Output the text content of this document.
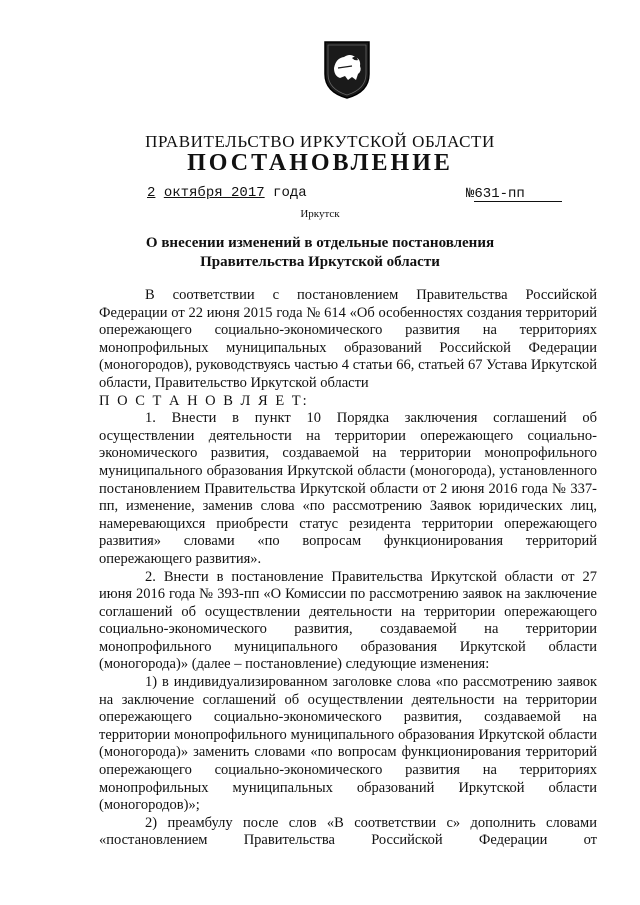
ПРАВИТЕЛЬСТВО ИРКУТСКОЙ ОБЛАСТИ
ПОСТАНОВЛЕНИЕ
2 октября 2017 года	№ 631-пп
Иркутск
О внесении изменений в отдельные постановления
Правительства Иркутской области

В соответствии с постановлением Правительства Российской Федерации от 22 июня 2015 года № 614 «Об особенностях создания территорий опережающего социально-экономического развития на территориях монопрофильных муниципальных образований Российской Федерации (моногородов), руководствуясь частью 4 статьи 66, статьей 67 Устава Иркутской области, Правительство Иркутской области

П О С Т А Н О В Л Я Е Т:

1. Внести в пункт 10 Порядка заключения соглашений об осуществлении деятельности на территории опережающего социально-экономического развития, создаваемой на территории монопрофильного муниципального образования Иркутской области (моногорода), установленного постановлением Правительства Иркутской области от 2 июня 2016 года № 337-пп, изменение, заменив слова «по рассмотрению Заявок юридических лиц, намеревающихся приобрести статус резидента территории опережающего развития» словами «по вопросам функционирования территорий опережающего развития».

2. Внести в постановление Правительства Иркутской области от 27 июня 2016 года № 393-пп «О Комиссии по рассмотрению заявок на заключение соглашений об осуществлении деятельности на территории опережающего социально-экономического развития, создаваемой на территории монопрофильного муниципального образования Иркутской области (моногорода)» (далее – постановление) следующие изменения:

1) в индивидуализированном заголовке слова «по рассмотрению заявок на заключение соглашений об осуществлении деятельности на территории опережающего социально-экономического развития, создаваемой на территории монопрофильного муниципального образования Иркутской области (моногорода)» заменить словами «по вопросам функционирования территорий опережающего социально-экономического развития на территориях монопрофильных муниципальных образований Иркутской области (моногородов)»;

2) преамбулу после слов «В соответствии с» дополнить словами «постановлением Правительства Российской Федерации от
